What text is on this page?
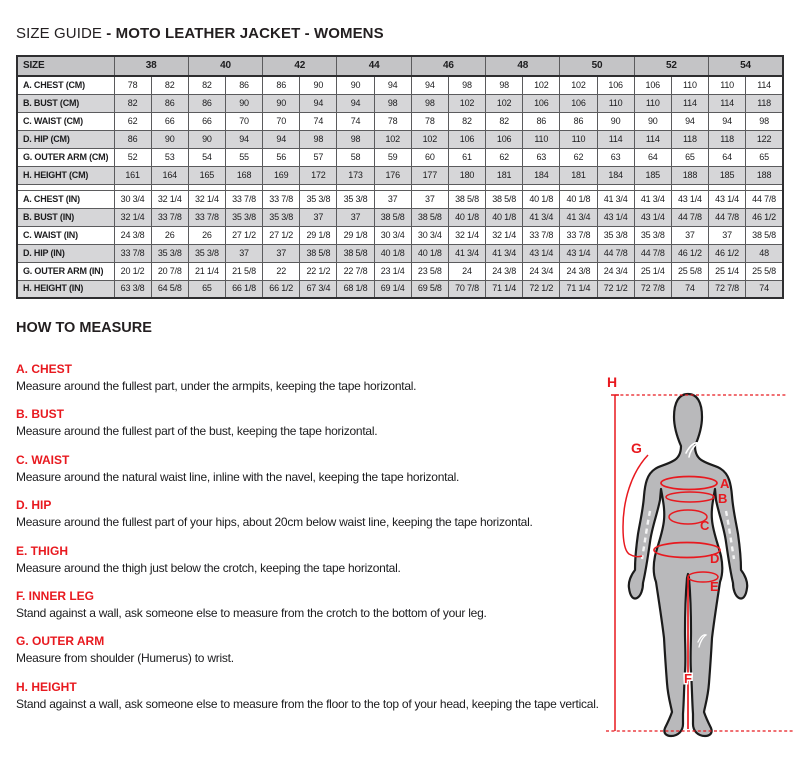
SIZE GUIDE - MOTO LEATHER JACKET - WOMENS
SIZE	38		40		42		44		46		48		50		52		54	
A. CHEST (CM)	78	82	82	86	86	90	90	94	94	98	98	102	102	106	106	110	110	114
B. BUST (CM)	82	86	86	90	90	94	94	98	98	102	102	106	106	110	110	114	114	118
C. WAIST (CM)	62	66	66	70	70	74	74	78	78	82	82	86	86	90	90	94	94	98
D. HIP (CM)	86	90	90	94	94	98	98	102	102	106	106	110	110	114	114	118	118	122
G. OUTER ARM (CM)	52	53	54	55	56	57	58	59	60	61	62	63	62	63	64	65	64	65
H. HEIGHT (CM)	161	164	165	168	169	172	173	176	177	180	181	184	181	184	185	188	185	188

A. CHEST (IN)	30 3/4	32 1/4	32 1/4	33 7/8	33 7/8	35 3/8	35 3/8	37	37	38 5/8	38 5/8	40 1/8	40 1/8	41 3/4	41 3/4	43 1/4	43 1/4	44 7/8
B. BUST (IN)	32 1/4	33 7/8	33 7/8	35 3/8	35 3/8	37	37	38 5/8	38 5/8	40 1/8	40 1/8	41 3/4	41 3/4	43 1/4	43 1/4	44 7/8	44 7/8	46 1/2
C. WAIST (IN)	24 3/8	26	26	27 1/2	27 1/2	29 1/8	29 1/8	30 3/4	30 3/4	32 1/4	32 1/4	33 7/8	33 7/8	35 3/8	35 3/8	37	37	38 5/8
D. HIP (IN)	33 7/8	35 3/8	35 3/8	37	37	38 5/8	38 5/8	40 1/8	40 1/8	41 3/4	41 3/4	43 1/4	43 1/4	44 7/8	44 7/8	46 1/2	46 1/2	48
G. OUTER ARM (IN)	20 1/2	20 7/8	21 1/4	21 5/8	22	22 1/2	22 7/8	23 1/4	23 5/8	24	24 3/8	24 3/4	24 3/8	24 3/4	25 1/4	25 5/8	25 1/4	25 5/8
H. HEIGHT (IN)	63 3/8	64 5/8	65	66 1/8	66 1/2	67 3/4	68 1/8	69 1/4	69 5/8	70 7/8	71 1/4	72 1/2	71 1/4	72 1/2	72 7/8	74	72 7/8	74
HOW TO MEASURE
A. CHEST

Measure around the fullest part, under the armpits, keeping the tape horizontal.

B. BUST

Measure around the fullest part of the bust, keeping the tape horizontal.

C. WAIST

Measure around the natural waist line, inline with the navel, keeping the tape horizontal.

D. HIP

Measure around the fullest part of your hips, about 20cm below waist line, keeping the tape horizontal.

E. THIGH

Measure around the thigh just below the crotch, keeping the tape horizontal.

F. INNER LEG

Stand against a wall, ask someone else to measure from the crotch to the bottom of your leg.

G. OUTER ARM

Measure from shoulder (Humerus) to wrist.

H. HEIGHT

Stand against a wall, ask someone else to measure from the floor to the top of your head, keeping the tape vertical.

H
G
A
B
C
D
E
F
